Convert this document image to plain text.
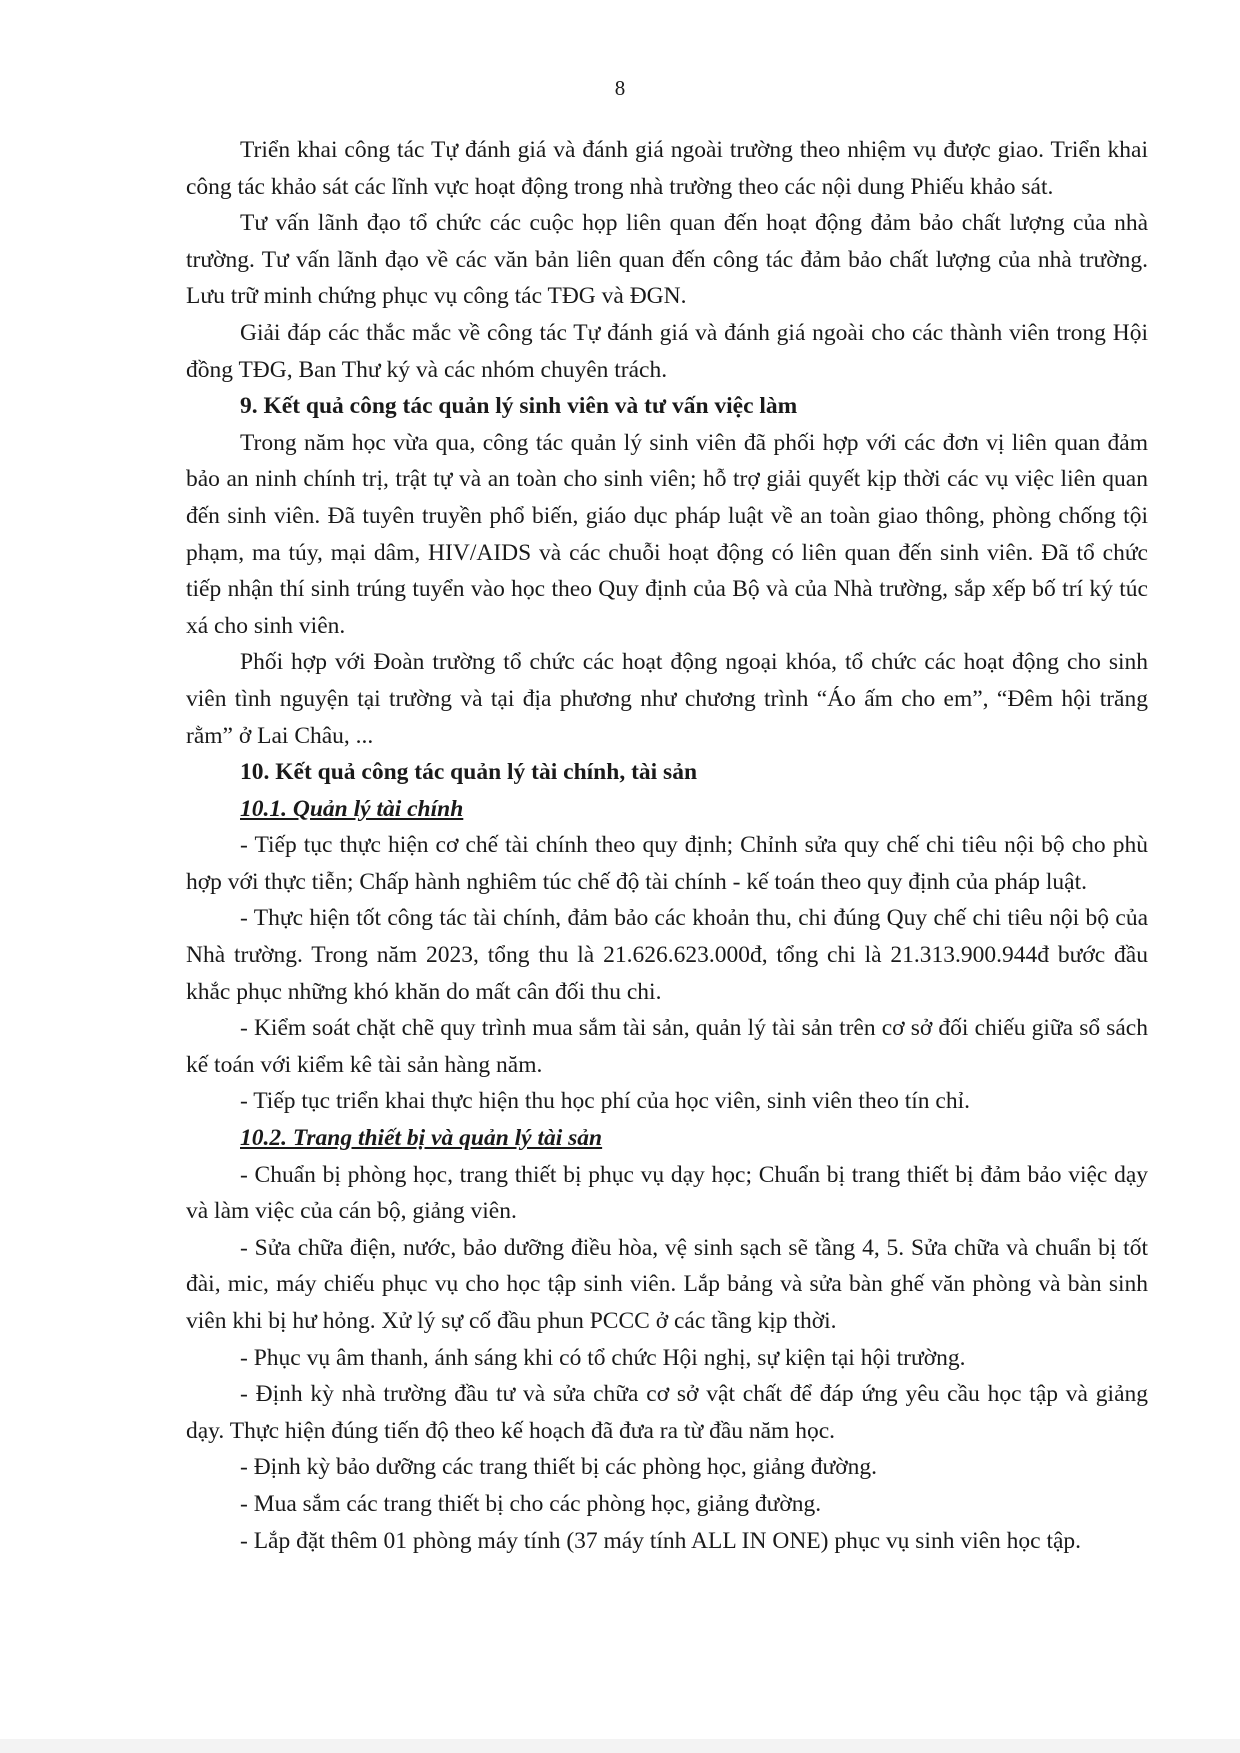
8

Triển khai công tác Tự đánh giá và đánh giá ngoài trường theo nhiệm vụ được giao. Triển khai công tác khảo sát các lĩnh vực hoạt động trong nhà trường theo các nội dung Phiếu khảo sát.

Tư vấn lãnh đạo tổ chức các cuộc họp liên quan đến hoạt động đảm bảo chất lượng của nhà trường. Tư vấn lãnh đạo về các văn bản liên quan đến công tác đảm bảo chất lượng của nhà trường. Lưu trữ minh chứng phục vụ công tác TĐG và ĐGN.

Giải đáp các thắc mắc về công tác Tự đánh giá và đánh giá ngoài cho các thành viên trong Hội đồng TĐG, Ban Thư ký và các nhóm chuyên trách.

9. Kết quả công tác quản lý sinh viên và tư vấn việc làm

Trong năm học vừa qua, công tác quản lý sinh viên đã phối hợp với các đơn vị liên quan đảm bảo an ninh chính trị, trật tự và an toàn cho sinh viên; hỗ trợ giải quyết kịp thời các vụ việc liên quan đến sinh viên. Đã tuyên truyền phổ biến, giáo dục pháp luật về an toàn giao thông, phòng chống tội phạm, ma túy, mại dâm, HIV/AIDS và các chuỗi hoạt động có liên quan đến sinh viên. Đã tổ chức tiếp nhận thí sinh trúng tuyển vào học theo Quy định của Bộ và của Nhà trường, sắp xếp bố trí ký túc xá cho sinh viên.

Phối hợp với Đoàn trường tổ chức các hoạt động ngoại khóa, tổ chức các hoạt động cho sinh viên tình nguyện tại trường và tại địa phương như chương trình “Áo ấm cho em”, “Đêm hội trăng rằm” ở Lai Châu, ...

10. Kết quả công tác quản lý tài chính, tài sản

10.1. Quản lý tài chính

- Tiếp tục thực hiện cơ chế tài chính theo quy định; Chỉnh sửa quy chế chi tiêu nội bộ cho phù hợp với thực tiễn; Chấp hành nghiêm túc chế độ tài chính - kế toán theo quy định của pháp luật.

- Thực hiện tốt công tác tài chính, đảm bảo các khoản thu, chi đúng Quy chế chi tiêu nội bộ của Nhà trường. Trong năm 2023, tổng thu là 21.626.623.000đ, tổng chi là 21.313.900.944đ bước đầu khắc phục những khó khăn do mất cân đối thu chi.

- Kiểm soát chặt chẽ quy trình mua sắm tài sản, quản lý tài sản trên cơ sở đối chiếu giữa sổ sách kế toán với kiểm kê tài sản hàng năm.

- Tiếp tục triển khai thực hiện thu học phí của học viên, sinh viên theo tín chỉ.

10.2. Trang thiết bị và quản lý tài sản

- Chuẩn bị phòng học, trang thiết bị phục vụ dạy học; Chuẩn bị trang thiết bị đảm bảo việc dạy và làm việc của cán bộ, giảng viên.

- Sửa chữa điện, nước, bảo dưỡng điều hòa, vệ sinh sạch sẽ tầng 4, 5. Sửa chữa và chuẩn bị tốt đài, mic, máy chiếu phục vụ cho học tập sinh viên. Lắp bảng và sửa bàn ghế văn phòng và bàn sinh viên khi bị hư hỏng. Xử lý sự cố đầu phun PCCC ở các tầng kịp thời.

- Phục vụ âm thanh, ánh sáng khi có tổ chức Hội nghị, sự kiện tại hội trường.

- Định kỳ nhà trường đầu tư và sửa chữa cơ sở vật chất để đáp ứng yêu cầu học tập và giảng dạy. Thực hiện đúng tiến độ theo kế hoạch đã đưa ra từ đầu năm học.

- Định kỳ bảo dưỡng các trang thiết bị các phòng học, giảng đường.

- Mua sắm các trang thiết bị cho các phòng học, giảng đường.

- Lắp đặt thêm 01 phòng máy tính (37 máy tính ALL IN ONE) phục vụ sinh viên học tập.
